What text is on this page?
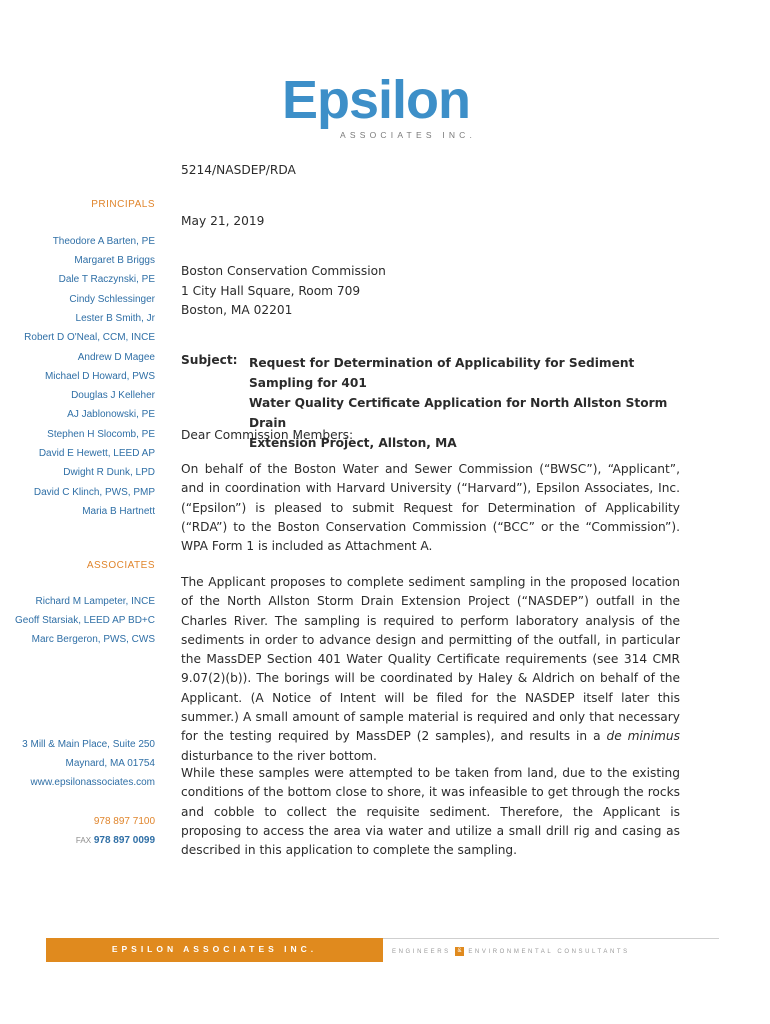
Epsilon
ASSOCIATES INC.
PRINCIPALS
Theodore A Barten, PE
Margaret B Briggs
Dale T Raczynski, PE
Cindy Schlessinger
Lester B Smith, Jr
Robert D O'Neal, CCM, INCE
Andrew D Magee
Michael D Howard, PWS
Douglas J Kelleher
AJ Jablonowski, PE
Stephen H Slocomb, PE
David E Hewett, LEED AP
Dwight R Dunk, LPD
David C Klinch, PWS, PMP
Maria B Hartnett
ASSOCIATES
Richard M Lampeter, INCE
Geoff Starsiak, LEED AP BD+C
Marc Bergeron, PWS, CWS
3 Mill & Main Place, Suite 250
Maynard, MA 01754
www.epsilonassociates.com
978 897 7100
FAX 978 897 0099
5214/NASDEP/RDA
May 21, 2019
Boston Conservation Commission
1 City Hall Square, Room 709
Boston, MA 02201
Subject: Request for Determination of Applicability for Sediment Sampling for 401
Water Quality Certificate Application for North Allston Storm Drain
Extension Project, Allston, MA
Dear Commission Members:
On behalf of the Boston Water and Sewer Commission (“BWSC”), “Applicant”, and in coordination with Harvard University (“Harvard”), Epsilon Associates, Inc. (“Epsilon”) is pleased to submit Request for Determination of Applicability (“RDA”) to the Boston Conservation Commission (“BCC” or the “Commission”). WPA Form 1 is included as Attachment A.
The Applicant proposes to complete sediment sampling in the proposed location of the North Allston Storm Drain Extension Project (“NASDEP”) outfall in the Charles River. The sampling is required to perform laboratory analysis of the sediments in order to advance design and permitting of the outfall, in particular the MassDEP Section 401 Water Quality Certificate requirements (see 314 CMR 9.07(2)(b)). The borings will be coordinated by Haley & Aldrich on behalf of the Applicant. (A Notice of Intent will be filed for the NASDEP itself later this summer.) A small amount of sample material is required and only that necessary for the testing required by MassDEP (2 samples), and results in a de minimus disturbance to the river bottom.
While these samples were attempted to be taken from land, due to the existing conditions of the bottom close to shore, it was infeasible to get through the rocks and cobble to collect the requisite sediment. Therefore, the Applicant is proposing to access the area via water and utilize a small drill rig and casing as described in this application to complete the sampling.
EPSILON ASSOCIATES INC.	ENGINEERS & ENVIRONMENTAL CONSULTANTS
